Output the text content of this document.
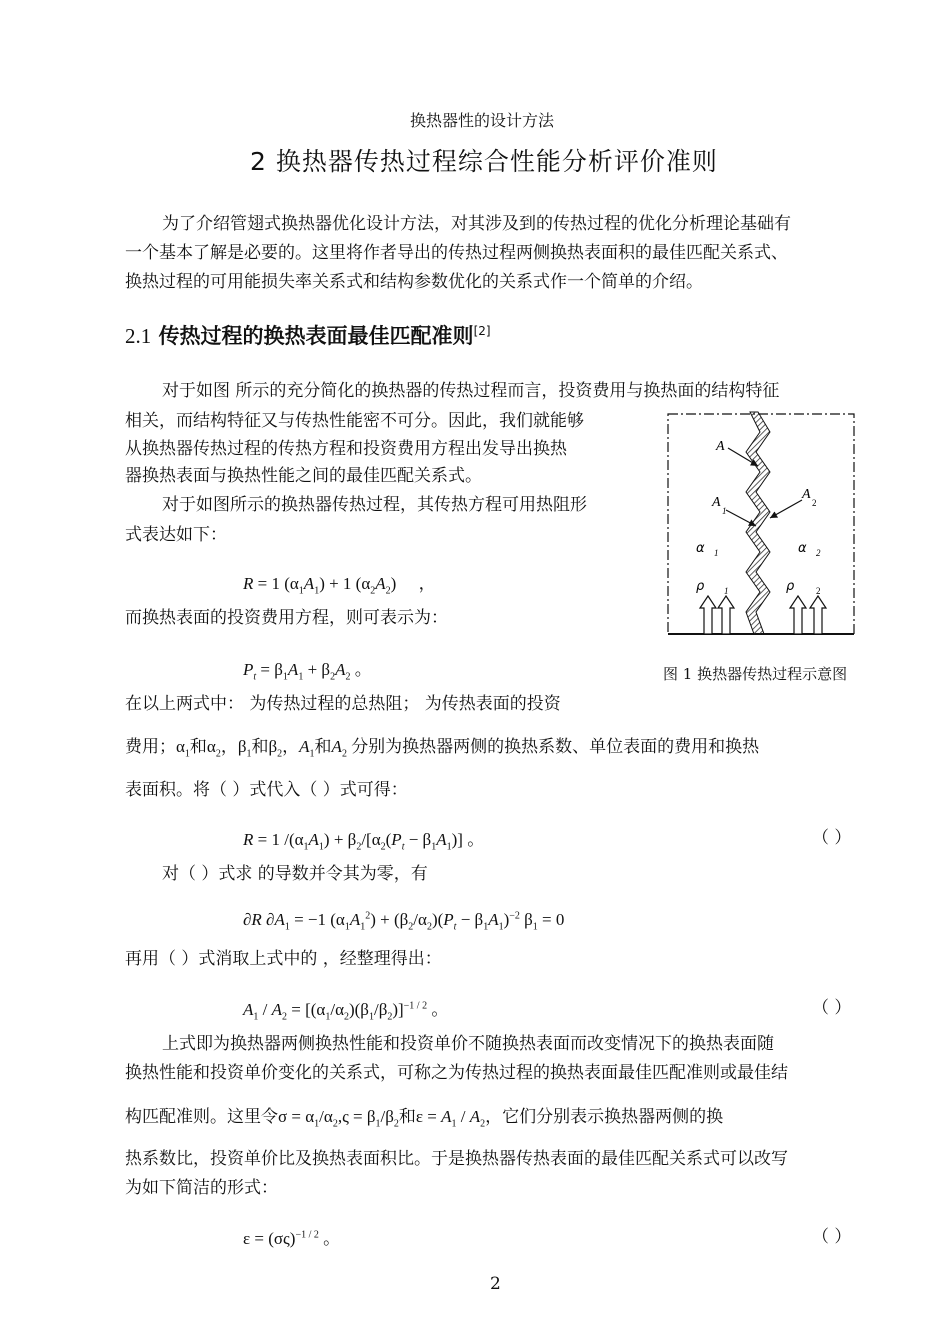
换热器性的设计方法
2 换热器传热过程综合性能分析评价准则
为了介绍管翅式换热器优化设计方法，对其涉及到的传热过程的优化分析理论基础有
一个基本了解是必要的。这里将作者导出的传热过程两侧换热表面积的最佳匹配关系式、
换热过程的可用能损失率关系式和结构参数优化的关系式作一个简单的介绍。
2.1 传热过程的换热表面最佳匹配准则[2]
对于如图 所示的充分简化的换热器的传热过程而言，投资费用与换热面的结构特征
相关，而结构特征又与传热性能密不可分。因此，我们就能够
从换热器传热过程的传热方程和投资费用方程出发导出换热
器换热表面与换热性能之间的最佳匹配关系式。
对于如图所示的换热器传热过程，其传热方程可用热阻形
式表达如下：
R = 1 $(\alpha_1A_1) + 1$ $(\alpha_2A_2)$ ，
而换热表面的投资费用方程，则可表示为：
$P_t = \beta_1A_1 + \beta_2A_2$ 。
在以上两式中： 为传热过程的总热阻； 为传热表面的投资
费用；$\alpha_1$和$\alpha_2$，$\beta_1$和$\beta_2$，$A_1$和$A_2$ 分别为换热器两侧的换热系数、单位表面的费用和换热
表面积。将（ ）式代入（ ）式可得：
R = 1 $/(\alpha_1A_1) + \beta_2/[\alpha_2(P_t - \beta_1A_1)]$ 。	（ ）
对（ ）式求 的导数并令其为零，有
∂R $\partial A_1 = -1$ $(\alpha_1A_1^2) + (\beta_2/\alpha_2)(P_t - \beta_1A_1)^{-2}$ $\beta_1 = 0$
再用（ ）式消取上式中的 ，经整理得出：
$A_1 / A_2 = [(\alpha_1/\alpha_2)(\beta_1/\beta_2)]^{-1 / 2}$ 。	（ ）
上式即为换热器两侧换热性能和投资单价不随换热表面而改变情况下的换热表面随
换热性能和投资单价变化的关系式，可称之为传热过程的换热表面最佳匹配准则或最佳结
构匹配准则。这里令$\sigma = \alpha_1/\alpha_2,\varsigma = \beta_1/\beta_2$和$\varepsilon = A_1 / A_2$，它们分别表示换热器两侧的换
热系数比，投资单价比及换热表面积比。于是换热器传热表面的最佳匹配关系式可以改写
为如下简洁的形式：
$\varepsilon = (\sigma\varsigma)^{-1 / 2}$ 。	（ ）
A
A
1
A
2
α 1	α 2
ρ 1	ρ 2
图 1 换热器传热过程示意图
2
